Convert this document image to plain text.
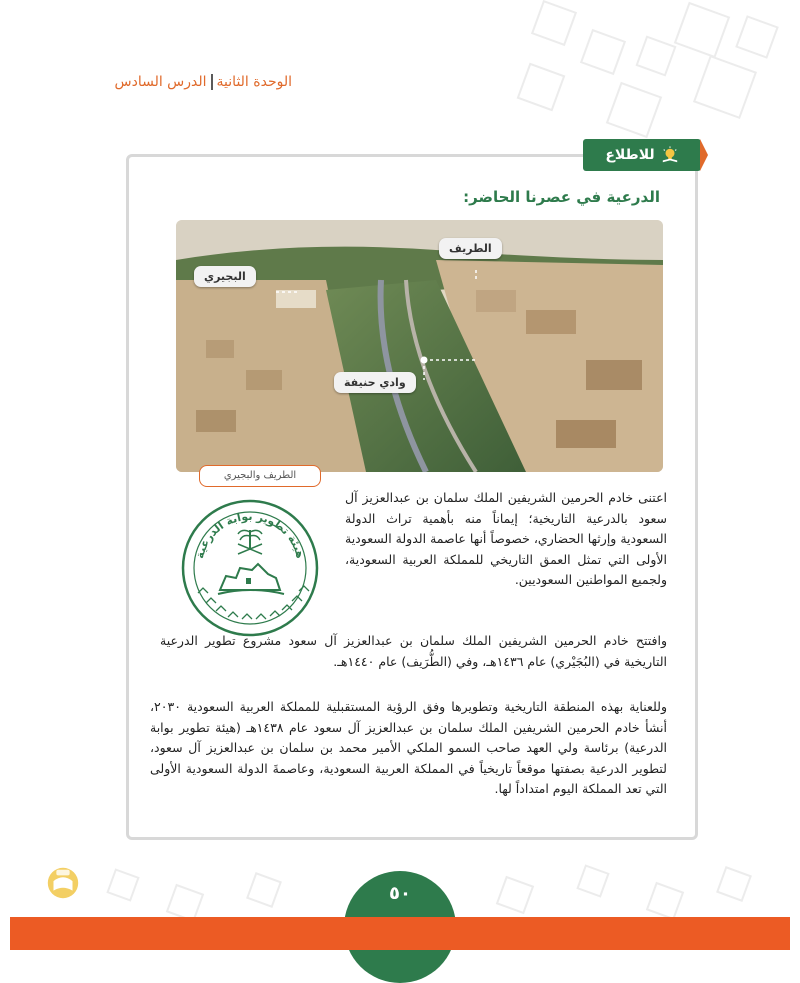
الوحدة الثانيةالدرس السادس
للاطلاع
الدرعية في عصرنا الحاضر:
الطريف
البجيري
وادي حنيفة
الطريف والبجيري
هيئة تطوير بوابة الدرعية
اعتنى خادم الحرمين الشريفين الملك سلمان بن عبدالعزيز آل سعود بالدرعية التاريخية؛ إيماناً منه بأهمية تراث الدولة السعودية وإرثها الحضاري، خصوصاً أنها عاصمة الدولة السعودية الأولى التي تمثل العمق التاريخي للمملكة العربية السعودية، ولجميع المواطنين السعوديين.
وافتتح خادم الحرمين الشريفين الملك سلمان بن عبدالعزيز آل سعود مشروع تطوير الدرعية التاريخية في (البُجَيْري) عام ١٤٣٦هـ، وفي (الطُّرَيف) عام ١٤٤٠هـ.
وللعناية بهذه المنطقة التاريخية وتطويرها وفق الرؤية المستقبلية للمملكة العربية السعودية ٢٠٣٠، أنشأ خادم الحرمين الشريفين الملك سلمان بن عبدالعزيز آل سعود عام ١٤٣٨هـ (هيئة تطوير بوابة الدرعية) برئاسة ولي العهد صاحب السمو الملكي الأمير محمد بن سلمان بن عبدالعزيز آل سعود، لتطوير الدرعية بصفتها موقعاً تاريخياً في المملكة العربية السعودية، وعاصمةَ الدولة السعودية الأولى التي تعد المملكة اليوم امتداداً لها.
٥٠
